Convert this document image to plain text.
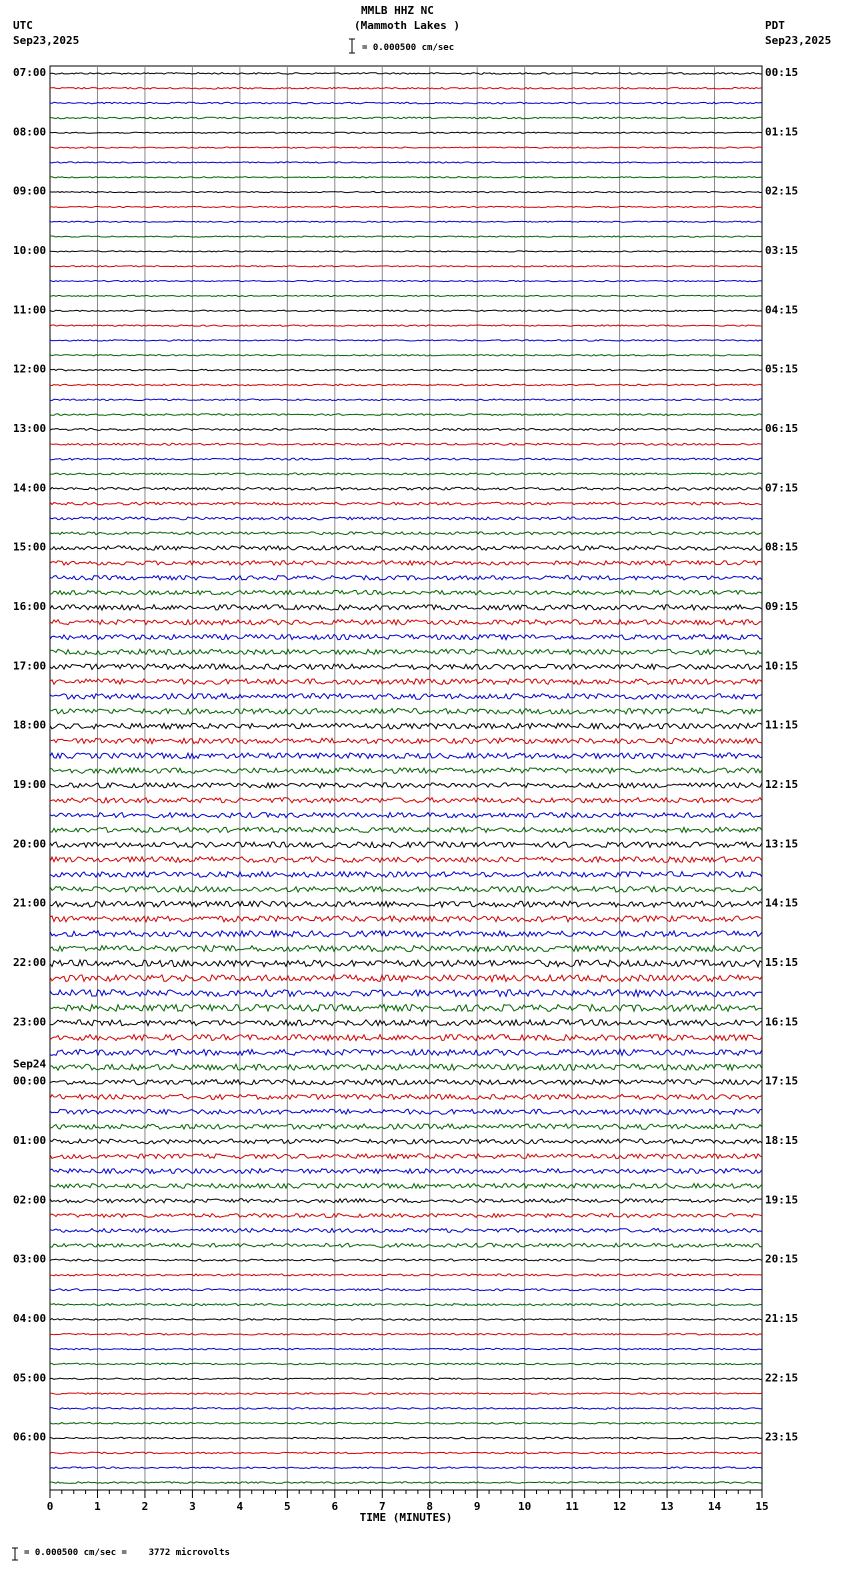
MMLB HHZ NC
(Mammoth Lakes )
= 0.000500 cm/sec
UTC
Sep23,2025
PDT
Sep23,2025
= 0.000500 cm/sec =    3772 microvolts
07:00
08:00
09:00
10:00
11:00
12:00
13:00
14:00
15:00
16:00
17:00
18:00
19:00
20:00
21:00
22:00
23:00
00:00
01:00
02:00
03:00
04:00
05:00
06:00
Sep24
00:15
01:15
02:15
03:15
04:15
05:15
06:15
07:15
08:15
09:15
10:15
11:15
12:15
13:15
14:15
15:15
16:15
17:15
18:15
19:15
20:15
21:15
22:15
23:15
0	1	2	3	4	5	6	7	8	9	10	11	12	13	14	15
TIME (MINUTES)
